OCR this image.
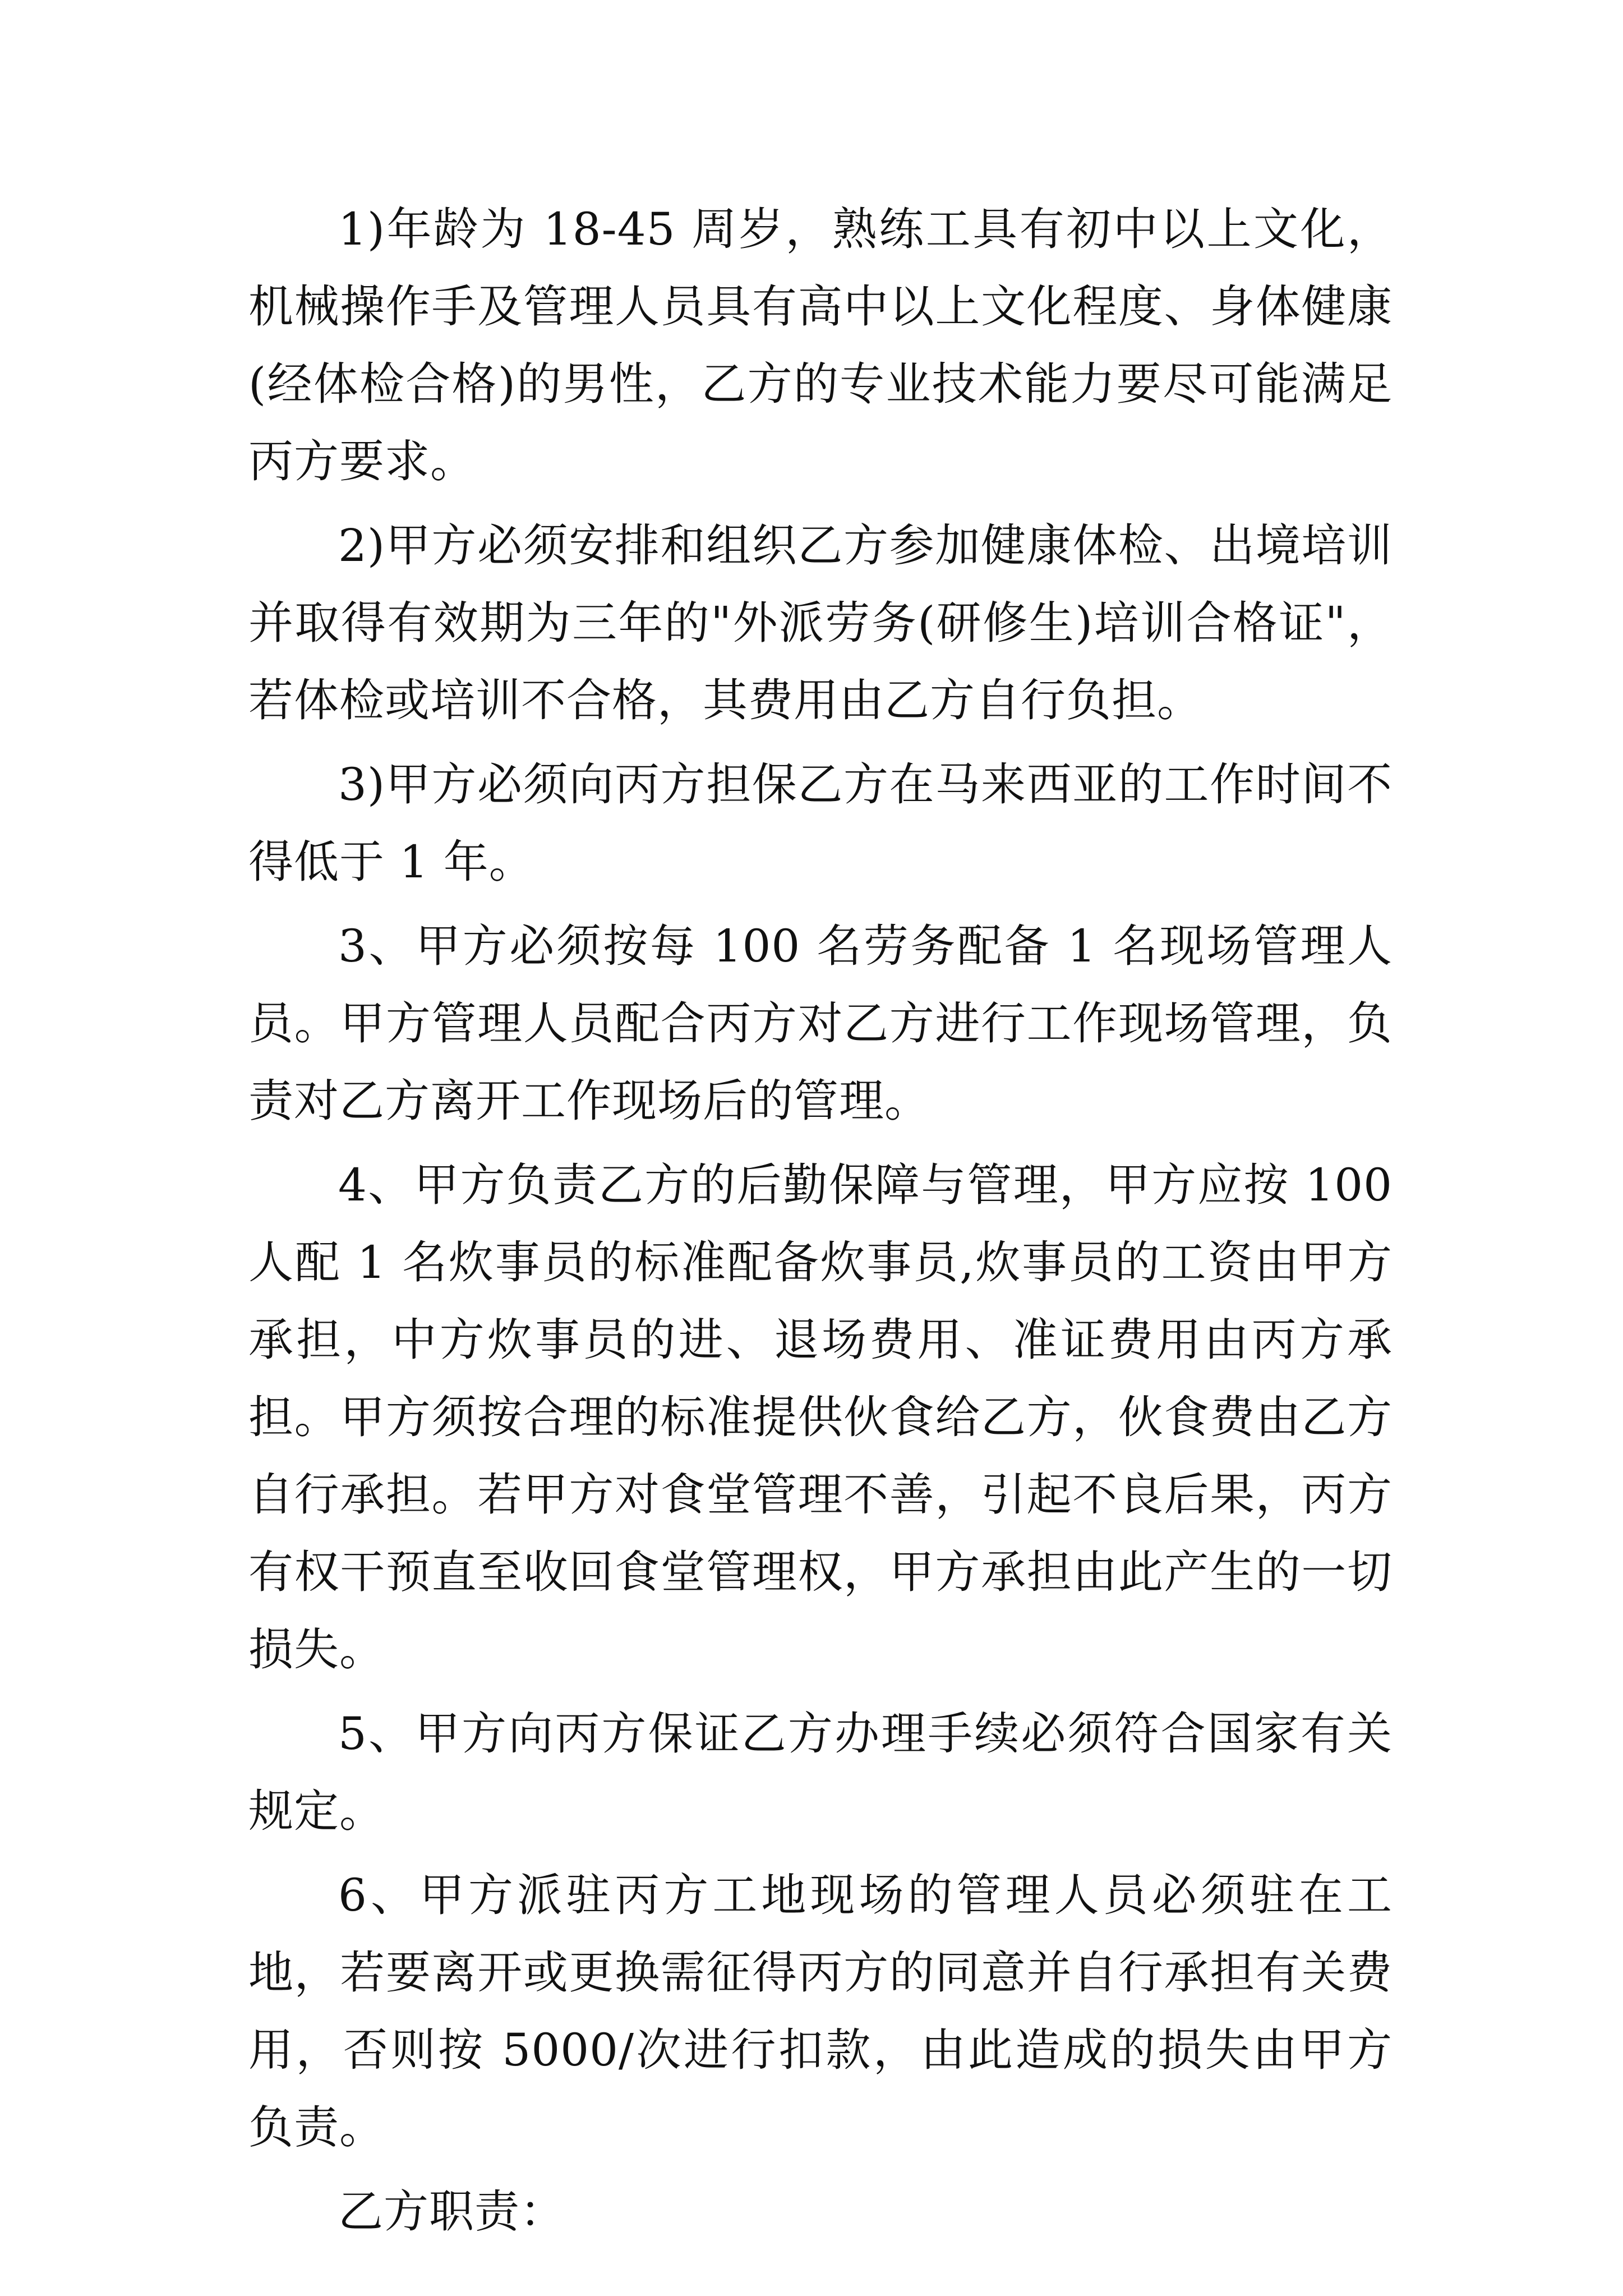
1)年龄为 18-45 周岁，熟练工具有初中以上文化，机械操作手及管理人员具有高中以上文化程度、身体健康(经体检合格)的男性，乙方的专业技术能力要尽可能满足丙方要求。

2)甲方必须安排和组织乙方参加健康体检、出境培训并取得有效期为三年的"外派劳务(研修生)培训合格证"，若体检或培训不合格，其费用由乙方自行负担。

3)甲方必须向丙方担保乙方在马来西亚的工作时间不得低于 1 年。

3、甲方必须按每 100 名劳务配备 1 名现场管理人员。甲方管理人员配合丙方对乙方进行工作现场管理，负责对乙方离开工作现场后的管理。

4、甲方负责乙方的后勤保障与管理，甲方应按 100 人配 1 名炊事员的标准配备炊事员,炊事员的工资由甲方承担，中方炊事员的进、退场费用、准证费用由丙方承担。甲方须按合理的标准提供伙食给乙方，伙食费由乙方自行承担。若甲方对食堂管理不善，引起不良后果，丙方有权干预直至收回食堂管理权，甲方承担由此产生的一切损失。

5、甲方向丙方保证乙方办理手续必须符合国家有关规定。

6、甲方派驻丙方工地现场的管理人员必须驻在工地，若要离开或更换需征得丙方的同意并自行承担有关费用，否则按 5000/次进行扣款，由此造成的损失由甲方负责。

乙方职责：
